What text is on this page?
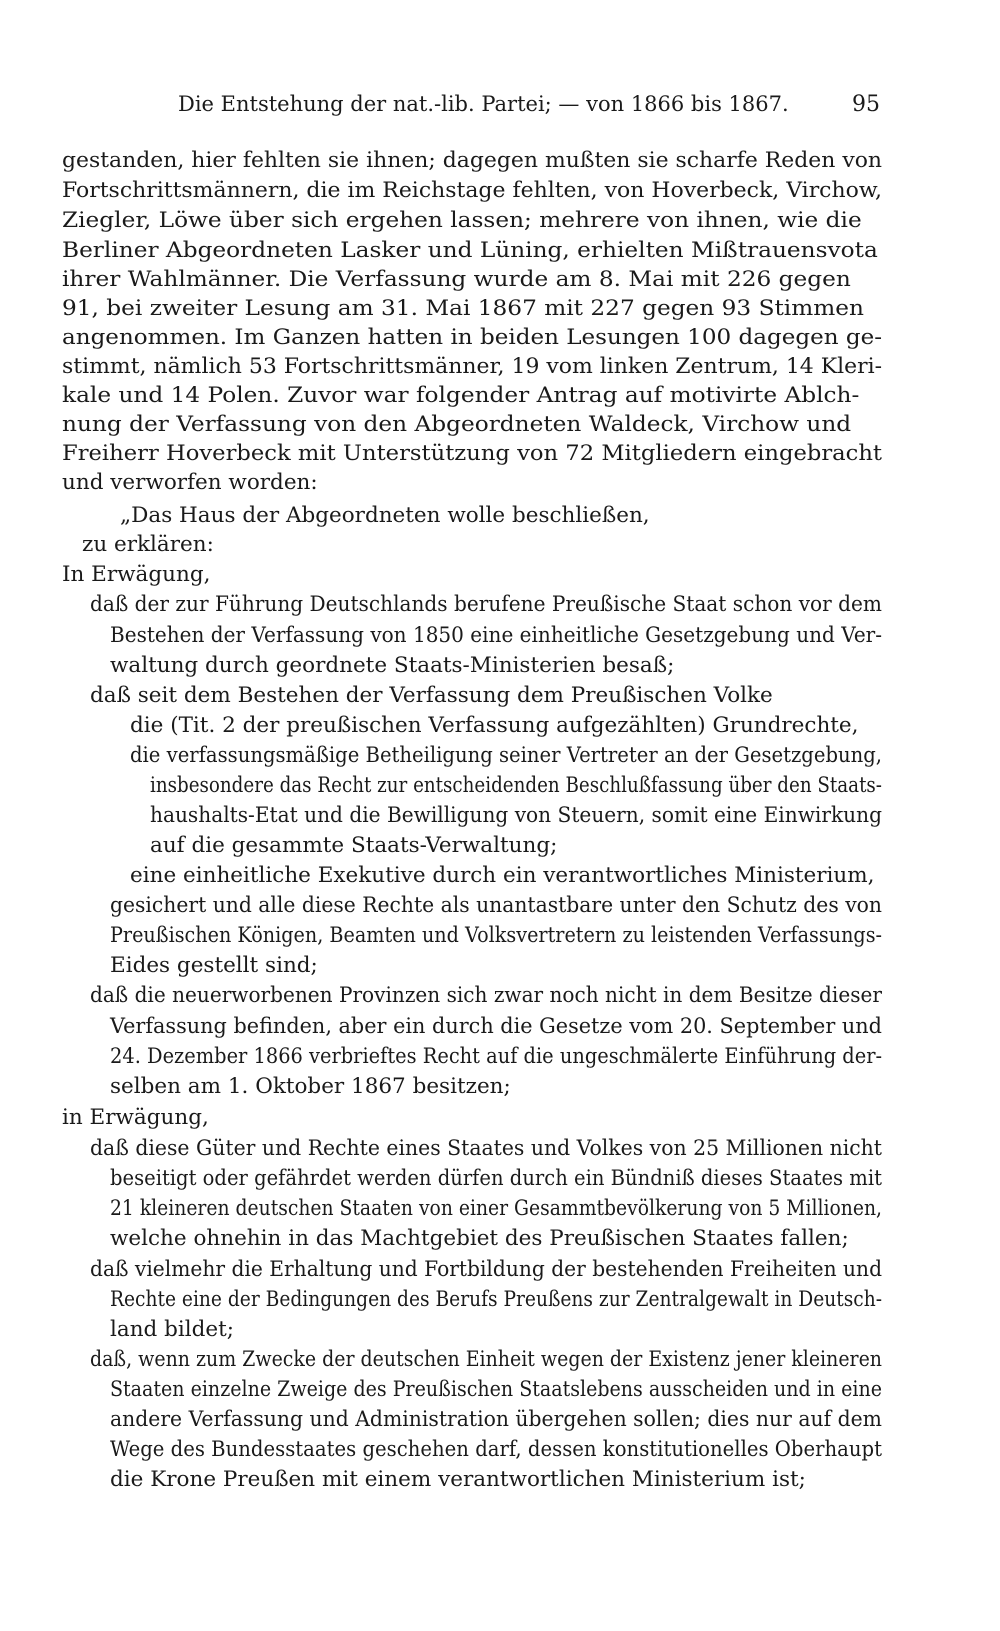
Die Entstehung der nat.-lib. Partei; — von 1866 bis 1867.	95
gestanden, hier fehlten sie ihnen; dagegen mußten sie scharfe Reden von
Fortschrittsmännern, die im Reichstage fehlten, von Hoverbeck, Virchow,
Ziegler, Löwe über sich ergehen lassen; mehrere von ihnen, wie die
Berliner Abgeordneten Lasker und Lüning, erhielten Mißtrauensvota
ihrer Wahlmänner. Die Verfassung wurde am 8. Mai mit 226 gegen
91, bei zweiter Lesung am 31. Mai 1867 mit 227 gegen 93 Stimmen
angenommen. Im Ganzen hatten in beiden Lesungen 100 dagegen ge-
stimmt, nämlich 53 Fortschrittsmänner, 19 vom linken Zentrum, 14 Kleri-
kale und 14 Polen. Zuvor war folgender Antrag auf motivirte Ablch-
nung der Verfassung von den Abgeordneten Waldeck, Virchow und
Freiherr Hoverbeck mit Unterstützung von 72 Mitgliedern eingebracht
und verworfen worden:
„Das Haus der Abgeordneten wolle beschließen,
zu erklären:
In Erwägung,
daß der zur Führung Deutschlands berufene Preußische Staat schon vor dem
Bestehen der Verfassung von 1850 eine einheitliche Gesetzgebung und Ver-
waltung durch geordnete Staats-Ministerien besaß;
daß seit dem Bestehen der Verfassung dem Preußischen Volke
die (Tit. 2 der preußischen Verfassung aufgezählten) Grundrechte,
die verfassungsmäßige Betheiligung seiner Vertreter an der Gesetzgebung,
insbesondere das Recht zur entscheidenden Beschlußfassung über den Staats-
haushalts-Etat und die Bewilligung von Steuern, somit eine Einwirkung
auf die gesammte Staats-Verwaltung;
eine einheitliche Exekutive durch ein verantwortliches Ministerium,
gesichert und alle diese Rechte als unantastbare unter den Schutz des von
Preußischen Königen, Beamten und Volksvertretern zu leistenden Verfassungs-
Eides gestellt sind;
daß die neuerworbenen Provinzen sich zwar noch nicht in dem Besitze dieser
Verfassung befinden, aber ein durch die Gesetze vom 20. September und
24. Dezember 1866 verbrieftes Recht auf die ungeschmälerte Einführung der-
selben am 1. Oktober 1867 besitzen;
in Erwägung,
daß diese Güter und Rechte eines Staates und Volkes von 25 Millionen nicht
beseitigt oder gefährdet werden dürfen durch ein Bündniß dieses Staates mit
21 kleineren deutschen Staaten von einer Gesammtbevölkerung von 5 Millionen,
welche ohnehin in das Machtgebiet des Preußischen Staates fallen;
daß vielmehr die Erhaltung und Fortbildung der bestehenden Freiheiten und
Rechte eine der Bedingungen des Berufs Preußens zur Zentralgewalt in Deutsch-
land bildet;
daß, wenn zum Zwecke der deutschen Einheit wegen der Existenz jener kleineren
Staaten einzelne Zweige des Preußischen Staatslebens ausscheiden und in eine
andere Verfassung und Administration übergehen sollen; dies nur auf dem
Wege des Bundesstaates geschehen darf, dessen konstitutionelles Oberhaupt
die Krone Preußen mit einem verantwortlichen Ministerium ist;
